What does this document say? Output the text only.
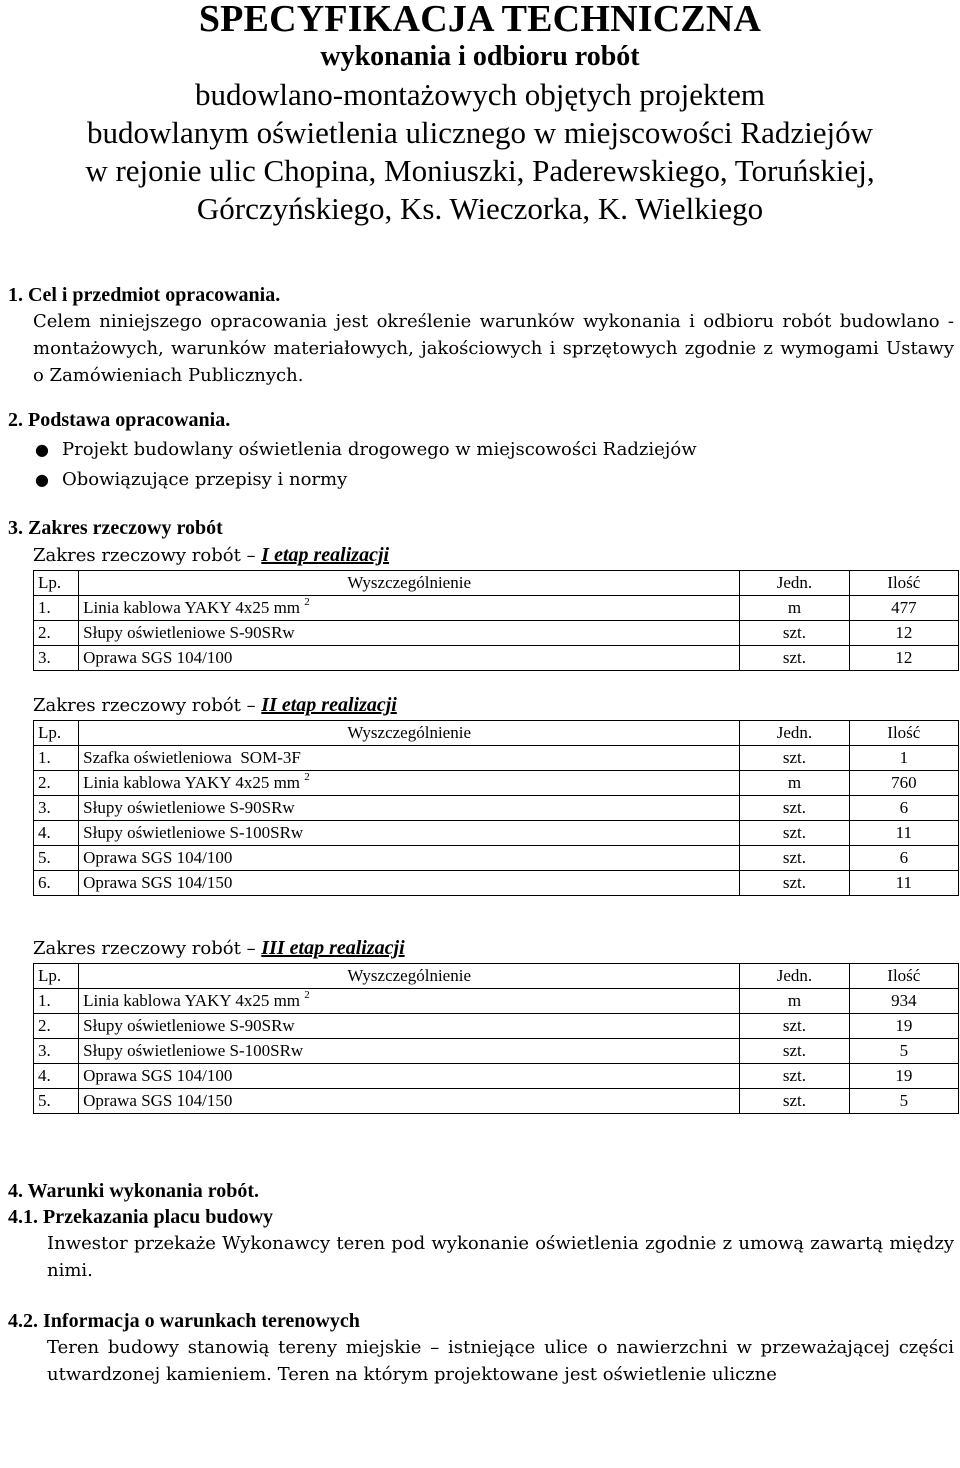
SPECYFIKACJA TECHNICZNA
wykonania i odbioru robót
budowlano-montażowych objętych projektem
budowlanym oświetlenia ulicznego w miejscowości Radziejów
w rejonie ulic Chopina, Moniuszki, Paderewskiego, Toruńskiej,
Górczyńskiego, Ks. Wieczorka, K. Wielkiego
1. Cel i przedmiot opracowania.
Celem niniejszego opracowania jest określenie warunków wykonania i odbioru robót budowlano - montażowych, warunków materiałowych, jakościowych i sprzętowych zgodnie z wymogami Ustawy o Zamówieniach Publicznych.
2. Podstawa opracowania.
● Projekt budowlany oświetlenia drogowego w miejscowości Radziejów
● Obowiązujące przepisy i normy
3. Zakres rzeczowy robót
Zakres rzeczowy robót – I etap realizacji
Lp.	Wyszczególnienie	Jedn.	Ilość
1.	Linia kablowa YAKY 4x25 mm $^2$	m	477
2.	Słupy oświetleniowe S-90SRw	szt.	12
3.	Oprawa SGS 104/100	szt.	12
Zakres rzeczowy robót – II etap realizacji
Lp.	Wyszczególnienie	Jedn.	Ilość
1.	Szafka oświetleniowa  SOM-3F	szt.	1
2.	Linia kablowa YAKY 4x25 mm $^2$	m	760
3.	Słupy oświetleniowe S-90SRw	szt.	6
4.	Słupy oświetleniowe S-100SRw	szt.	11
5.	Oprawa SGS 104/100	szt.	6
6.	Oprawa SGS 104/150	szt.	11
Zakres rzeczowy robót – III etap realizacji
Lp.	Wyszczególnienie	Jedn.	Ilość
1.	Linia kablowa YAKY 4x25 mm $^2$	m	934
2.	Słupy oświetleniowe S-90SRw	szt.	19
3.	Słupy oświetleniowe S-100SRw	szt.	5
4.	Oprawa SGS 104/100	szt.	19
5.	Oprawa SGS 104/150	szt.	5
4. Warunki wykonania robót.
4.1. Przekazania placu budowy
Inwestor przekaże Wykonawcy teren pod wykonanie oświetlenia zgodnie z umową zawartą między nimi.
4.2. Informacja o warunkach terenowych
Teren budowy stanowią tereny miejskie – istniejące ulice o nawierzchni w przeważającej części utwardzonej kamieniem. Teren na którym projektowane jest oświetlenie uliczne
